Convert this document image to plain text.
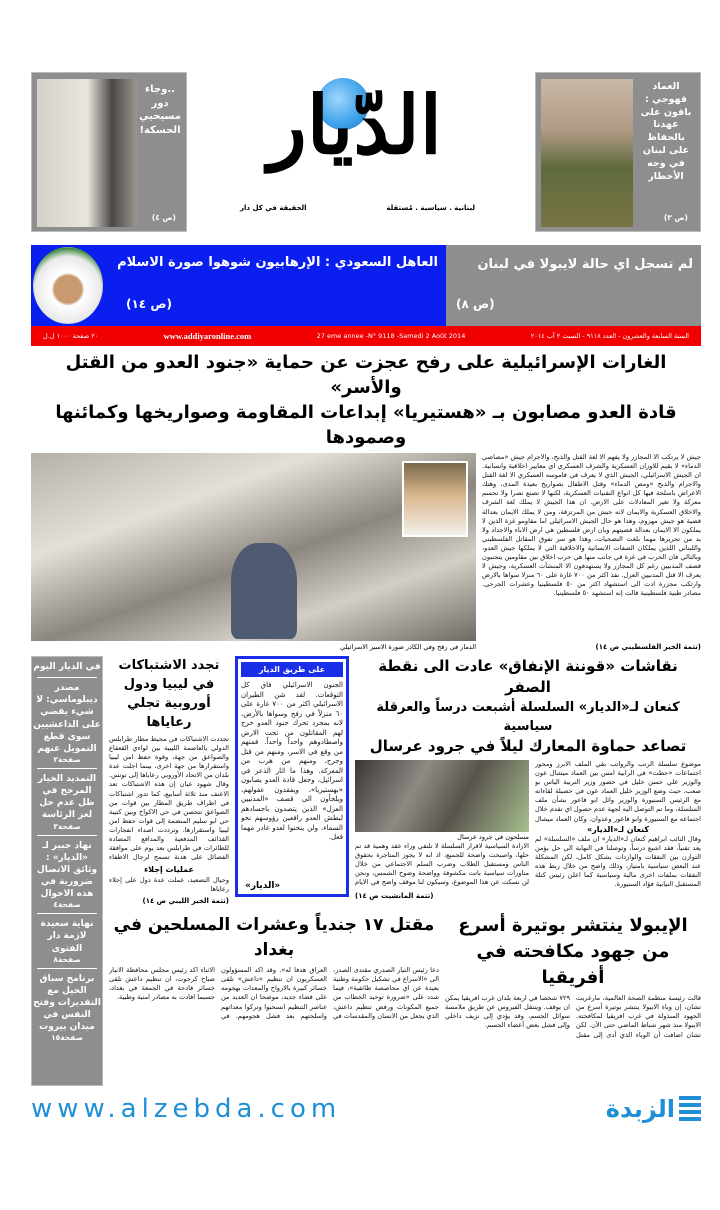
العماد قهوجي : باقون على عهدنا بالحفاظ على لبنان في وجه الأخطار
(ص ٣)
..وجاء دور مسيحيي الحسكة!
(ص ٤)
الدّيار
لبنانية . سياسية . مُستقلة
الحقيقة في كل دار
العاهل السعودي : الإرهابيون شوهوا صورة الاسلام
(ص ١٤)
لم تسجل اي حالة لايبولا في لبنان
(ص ٨)
السنة السابعة والعشرون - العدد ٩١١٨ - السبت ٢ آب ٢٠١٤
27 eme annee -N° 9118 -Samedi 2 Août 2014
www.addiyaronline.com
٢٠ صفحة ١٠٠٠ ل.ل
الغارات الإسرائيلية على رفح عجزت عن حماية «جنود العدو من القتل والأسر»
قادة العدو مصابون بـ «هستيريا» إبداعات المقاومة وصواريخها وكمائنها وصمودها
جيش لا يرتكب الا المجازر ولا يفهم الا لغة القتل والذبح، والاجرام جيش «مصاصي الدماء» لا يقيم للاوزان العسكرية والشرف العسكري اي معايير اخلاقية وانسانية. ان الجيش الاسرائيلي، الجيش الذي لا يعرف في قاموسه العسكري الا لغة القتل والاجرام والذبح «ومص الدماء» وقتل الاطفال بصواريخ بعيدة المدى، وهتك الاعراض باسلحة فيها كل انواع التقنيات العسكرية، لكنها لا تصنع نصرا ولا تحسم معركة ولا تغير المعادلات على الارض. ان هذا الجيش لا يملك لغة الشرف والاخلاق العسكرية والايمان لانه جيش من المرتزقة، ومن لا يملك الايمان بعدالة قضية هو جيش مهزوم، وهذا هو حال الجيش الاسرائيلي اما مقاومو غزة الذين لا يملكون الا الايمان بعدالة قضيتهم وبان ارض فلسطين هي ارض الاباء والاجداد ولا بد من تحريرها مهما بلغت التضحيات، وهذا هو سر تفوق المقاتل الفلسطيني واللبناني اللذين يملكان الصفات الانسانية والاخلاقية التي لا يملكها جيش العدو، وبالتالي فان الحرب في غزة في جانب منها هي حرب اخلاق بين مقاومين يتجنبون قصف المدنيين رغم كل المجازر ولا يستهدفون الا المنشآت العسكرية، وجيش لا يعرف الا قتل المدنيين العزل. نفذ اكثر من ٧٠٠ غارة على ٦٠ منزلا سواها بالارض وارتكب مجزرة ادت الى استشهاد اكثر من ٥٠ فلسطينيا وعشرات الجرحى. مصادر طبية فلسطينية قالت إنه استشهد ٥٠ فلسطينيا.
(تتمة الخبر الفلسطيني ص ١٤)
الدمار في رفح وفي الكادر صورة الاسير الاسرائيلي
نقاشات «قوننة الإنفاق» عادت الى نقطة الصفر
كنعان لـ«الديار» السلسلة أشبعت درساً والعرقلة سياسية
تصاعد حماوة المعارك ليلاً في جرود عرسال
موضوع سلسلة الرتب والرواتب بقي الملف الابرز ومحور اجتماعات «حطت» في الرابية امس بين العماد ميشال عون والوزير علي حسن خليل في حضور وزير التربية الياس بو صعب، حيث وضع الوزير خليل العماد عون في حصيلة لقاءاته مع الرئيس السنيورة والوزير وائل ابو فاعور بشأن ملف السلسلة، وما تم التوصل اليه لجهة عدم حصول اي تقدم خلال اجتماعه مع السنيورة وابو فاعور وعدوان. وكان العماد ميشال
كنعان لـ«الديار»
وقال النائب ابراهيم كنعان لـ«الديار» ان ملف «السلسلة» لم يعد تقنياً، فقد اشبع درساً، وتوصلنا في النهاية الى حل يؤمن التوازن بين النفقات والواردات بشكل كامل، لكن المشكلة عند البعض سياسية بامتياز، وذلك واضح من خلال ربط هذه النفقات بملفات اخرى مالية وسياسية كما اعلن رئيس كتلة المستقبل النيابية فؤاد السنيورة.
مسلحون في جرود عرسال
الارادة السياسية لاقرار السلسلة لا تلتقي وراء عقد وهمية قد تم حلها، واصبحت واضحة للجميع، اذ انه لا يجوز المتاجرة بحقوق الناس ومستقبل الطلاب وضرب السلم الاجتماعي من خلال مناورات سياسية باتت مكشوفة وواضحة وضوح الشمس، ونحن لن نسكت عن هذا الموضوع، وسيكون لنا موقف واضح في الايام
(تتمة المانشيت ص ١٤)
على طريق الديار
الجنون الاسرائيلي فاق كل التوقعات. لقد شن الطيران الاسرائيلي اكثر من ٧٠٠ غارة على ٦٠ منزلاً في رفح وسواها بالأرض، لانه بمجرد تحرك جنود العدو خرج لهم المقاتلون من تحت الارض واصطادوهم واحداً واحداً. فمنهم من وقع في الاسر، ومنهم من قتل وجرح، ومنهم من هرب من المعركة. وهذا ما اثار الذعر في اسرائيل، وجعل قادة العدو يصابون «بهستيريا»، ويفقدون عقولهم، ويلجأون الى قصف «المدنيين العزل» الذين يتصدون باجسادهم لبطش العدو رافعين رؤوسهم نحو السماء، ولن ينحنوا لعدو غادر مهما فعل.
«الديار»
تجدد الاشتباكات في ليبيا ودول أوروبية تجلي رعاياها
تجددت الاشتباكات في محيط مطار طرابلس الدولي بالعاصمة الليبية بين لواءي القعقاع والصواعق من جهة، وقوة حفظ امن ليبيا واستقرارها من جهة اخرى، بينما اجلت عدة بلدان من الاتحاد الأوروبي رعاياها إلى تونس. وقال شهود عيان إن هذه الاشتباكات تعد الاعنف منذ ثلاثة أسابيع، كما تدور اشتباكات في اطراف طريق المطار بين قوات من الصواعق تتحصن في حي الاكواخ وبين كتيبة حي ابو سليم المنضمة إلى قوات حفظ امن ليبيا واستقرارها. وترددت اصداء انفجارات القذائف المدفعية والمدافع المضادة للطائرات في طرابلس بعد يوم على موافقة الفصائل على هدنة تسمح لرجال الاطفاء
عمليات إجلاء
وحيال التصعيد، عملت عدة دول على إجلاء رعاياها
(تتمة الخبر الليبي ص ١٤)
الإيبولا ينتشر بوتيرة أسرع من جهود مكافحته في أفريقيا
قالت رئيسة منظمة الصحة العالمية، مارغريت تشان، إن وباء الايبولا ينتشر بوتيرة أسرع من الجهود المبذولة في غرب افريقيا لمكافحته. الايبولا منذ شهر شباط الماضي حتى الآن. لكن تشان اضافت أن الوباء الذي أدى إلى مقتل ٧٢٩ شخصا في اربعة بلدان غرب افريقيا يمكن ان يوقف. وينتقل الفيروس عن طريق ملامسة سوائل الجسم، وقد يؤدي إلى نزيف داخلي وإلى فشل بعض أعضاء الجسم.
مقتل ١٧ جندياً وعشرات المسلحين في بغداد
دعا رئيس التيار الصدري مقتدى الصدر، الى «الاسراع في تشكيل حكومة وطنية بعيدة عن اي محاصصة طائفية»، فيما شدد على «ضرورة توحيد الخطاب من جميع المكونات ورفض تنظيم داعش، الذي يجعل من الانسان والمقدسات في العراق هدفا له». وقد اكد المسؤولون العسكريون ان تنظيم «داعش» تلقى خسائر كبيرة بالارواح والمعدات بهجومه على قضاء جديد، موضحا ان العديد من عناصر التنظيم انسحبوا وتركوا معداتهم واسلحتهم بعد فشل هجومهم. في الاثناء اكد رئيس مجلس محافظة الانبار صباح كرحوت، ان تنظيم داعش تلقى خسائر فادحة في الجمعة في بغداد، حسبما افادت به مصادر امنية وطبية.
في الديار اليوم
مصدر ديبلوماسي: لا شيء يقضي على الداعشيين سوى قطع التمويل عنهم
صفحة٢
التمديد الخيار المرجح في ظل عدم حل لغز الرئاسة
صفحة٣
نهاد جبير لـ «الديار» : وثائق الاتصال ضرورية في هذه الاحوال
صفحة٤
نهاية سعيدة لازمة دار الفتوى
صفحة٨
برنامج سباق الخيل مع التقديرات وفتح النفس في ميدان بيروت
صفحة١٥
www.alzebda.com	الزبدة
